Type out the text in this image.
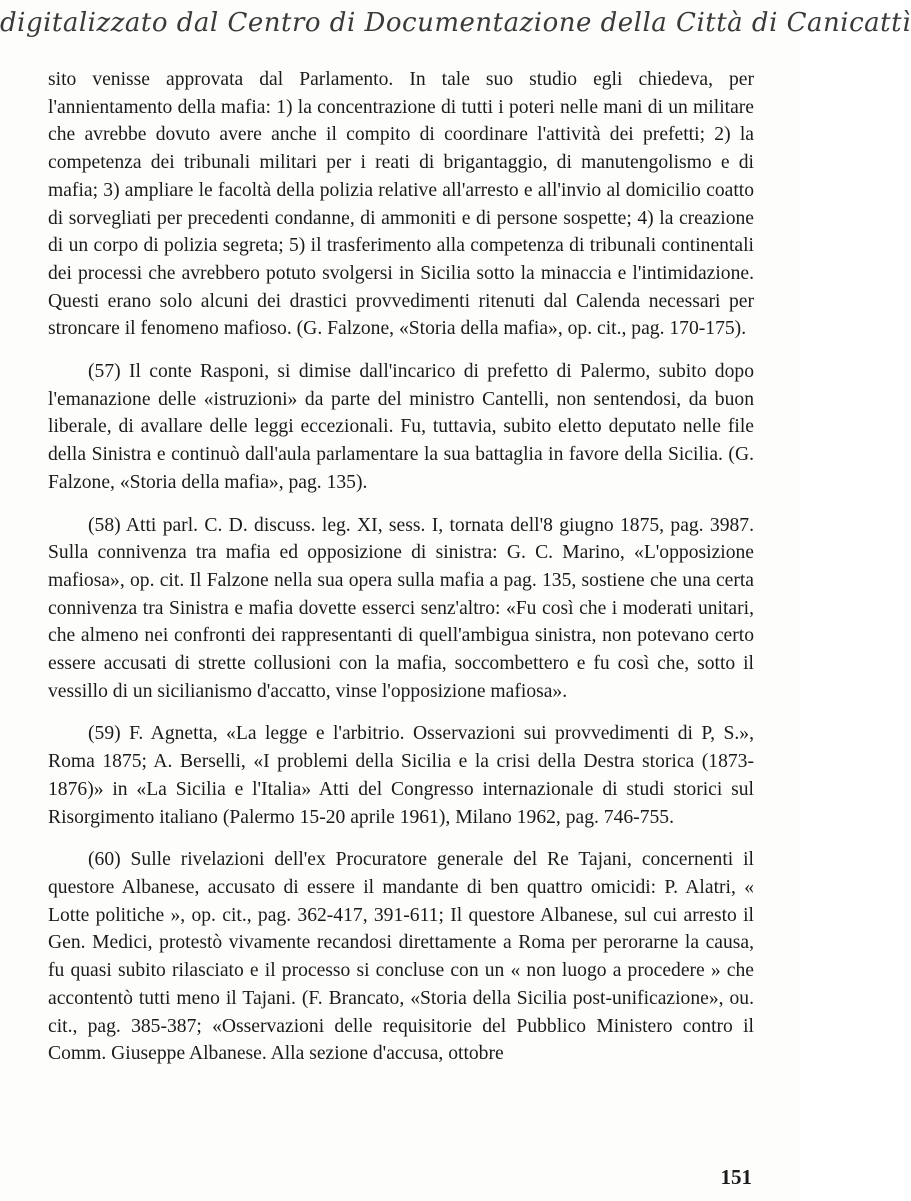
digitalizzato dal Centro di Documentazione della Città di Canicattì

sito venisse approvata dal Parlamento. In tale suo studio egli chiedeva, per l'annientamento della mafia: 1) la concentrazione di tutti i poteri nelle mani di un militare che avrebbe dovuto avere anche il compito di coordinare l'attività dei prefetti; 2) la competenza dei tribunali militari per i reati di brigantaggio, di manutengolismo e di mafia; 3) ampliare le facoltà della polizia relative all'arresto e all'invio al domicilio coatto di sorvegliati per precedenti condanne, di ammoniti e di persone sospette; 4) la creazione di un corpo di polizia segreta; 5) il trasferimento alla competenza di tribunali continentali dei processi che avrebbero potuto svolgersi in Sicilia sotto la minaccia e l'intimidazione. Questi erano solo alcuni dei drastici provvedimenti ritenuti dal Calenda necessari per stroncare il fenomeno mafioso. (G. Falzone, «Storia della mafia», op. cit., pag. 170-175).

(57) Il conte Rasponi, si dimise dall'incarico di prefetto di Palermo, subito dopo l'emanazione delle «istruzioni» da parte del ministro Cantelli, non sentendosi, da buon liberale, di avallare delle leggi eccezionali. Fu, tuttavia, subito eletto deputato nelle file della Sinistra e continuò dall'aula parlamentare la sua battaglia in favore della Sicilia. (G. Falzone, «Storia della mafia», pag. 135).

(58) Atti parl. C. D. discuss. leg. XI, sess. I, tornata dell'8 giugno 1875, pag. 3987. Sulla connivenza tra mafia ed opposizione di sinistra: G. C. Marino, «L'opposizione mafiosa», op. cit. Il Falzone nella sua opera sulla mafia a pag. 135, sostiene che una certa connivenza tra Sinistra e mafia dovette esserci senz'altro: «Fu così che i moderati unitari, che almeno nei confronti dei rappresentanti di quell'ambigua sinistra, non potevano certo essere accusati di strette collusioni con la mafia, soccombettero e fu così che, sotto il vessillo di un sicilianismo d'accatto, vinse l'opposizione mafiosa».

(59) F. Agnetta, «La legge e l'arbitrio. Osservazioni sui provvedimenti di P, S.», Roma 1875; A. Berselli, «I problemi della Sicilia e la crisi della Destra storica (1873-1876)» in «La Sicilia e l'Italia» Atti del Congresso internazionale di studi storici sul Risorgimento italiano (Palermo 15-20 aprile 1961), Milano 1962, pag. 746-755.

(60) Sulle rivelazioni dell'ex Procuratore generale del Re Tajani, concernenti il questore Albanese, accusato di essere il mandante di ben quattro omicidi: P. Alatri, « Lotte politiche », op. cit., pag. 362-417, 391-611; Il questore Albanese, sul cui arresto il Gen. Medici, protestò vivamente recandosi direttamente a Roma per perorarne la causa, fu quasi subito rilasciato e il processo si concluse con un « non luogo a procedere » che accontentò tutti meno il Tajani. (F. Brancato, «Storia della Sicilia post-unificazione», ou. cit., pag. 385-387; «Osservazioni delle requisitorie del Pubblico Ministero contro il Comm. Giuseppe Albanese. Alla sezione d'accusa, ottobre

151
